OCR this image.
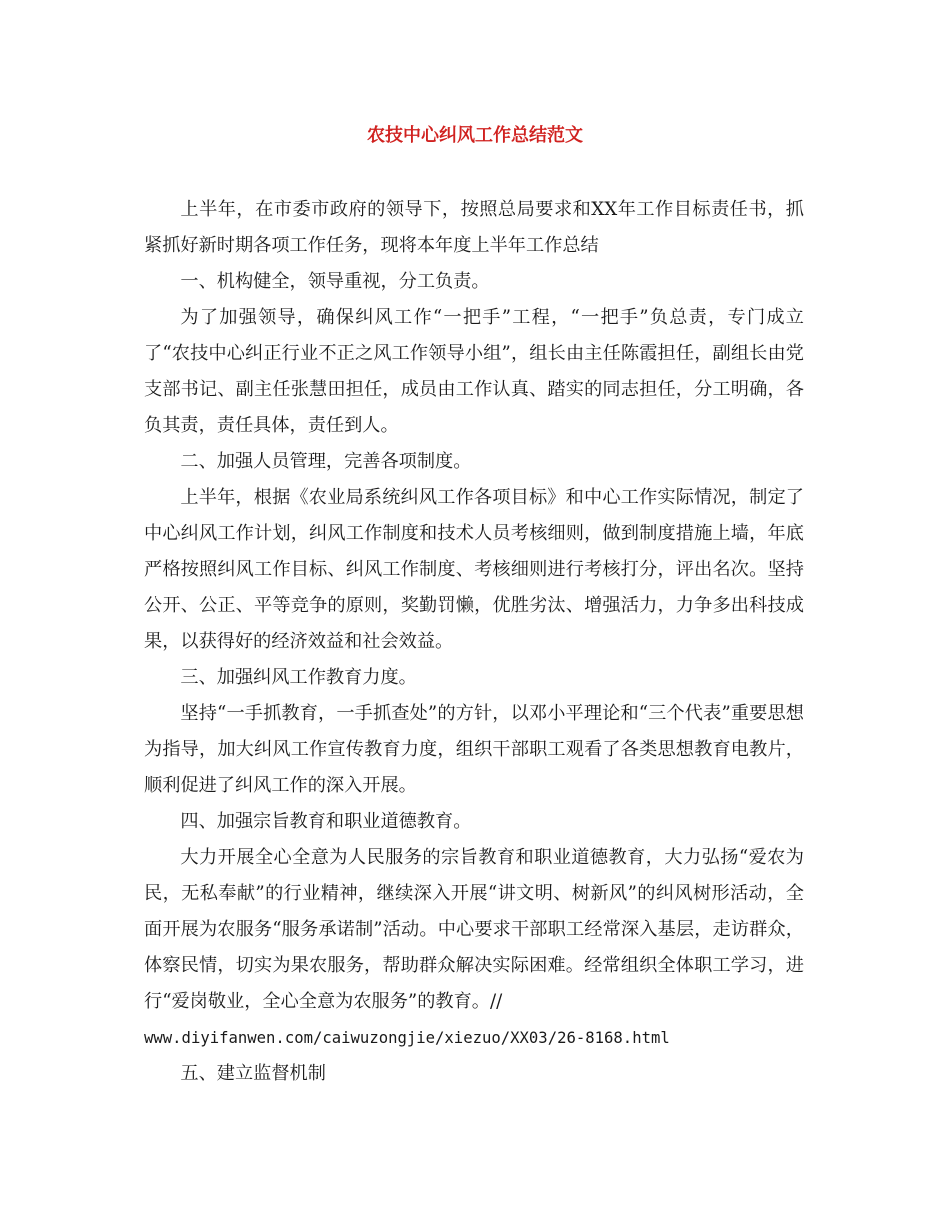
农技中心纠风工作总结范文

上半年，在市委市政府的领导下，按照总局要求和XX年工作目标责任书，抓紧抓好新时期各项工作任务，现将本年度上半年工作总结

一、机构健全，领导重视，分工负责。

为了加强领导，确保纠风工作“一把手”工程，“一把手”负总责，专门成立了“农技中心纠正行业不正之风工作领导小组”，组长由主任陈霞担任，副组长由党支部书记、副主任张慧田担任，成员由工作认真、踏实的同志担任，分工明确，各负其责，责任具体，责任到人。

二、加强人员管理，完善各项制度。

上半年，根据《农业局系统纠风工作各项目标》和中心工作实际情况，制定了中心纠风工作计划，纠风工作制度和技术人员考核细则，做到制度措施上墙，年底严格按照纠风工作目标、纠风工作制度、考核细则进行考核打分，评出名次。坚持公开、公正、平等竞争的原则，奖勤罚懒，优胜劣汰、增强活力，力争多出科技成果，以获得好的经济效益和社会效益。

三、加强纠风工作教育力度。

坚持“一手抓教育，一手抓查处”的方针，以邓小平理论和“三个代表”重要思想为指导，加大纠风工作宣传教育力度，组织干部职工观看了各类思想教育电教片，顺利促进了纠风工作的深入开展。

四、加强宗旨教育和职业道德教育。

大力开展全心全意为人民服务的宗旨教育和职业道德教育，大力弘扬“爱农为民，无私奉献”的行业精神，继续深入开展“讲文明、树新风”的纠风树形活动，全面开展为农服务“服务承诺制”活动。中心要求干部职工经常深入基层，走访群众，体察民情，切实为果农服务，帮助群众解决实际困难。经常组织全体职工学习，进行“爱岗敬业，全心全意为农服务”的教育。//

www.diyifanwen.com/caiwuzongjie/xiezuo/XX03/26-8168.html

五、建立监督机制
